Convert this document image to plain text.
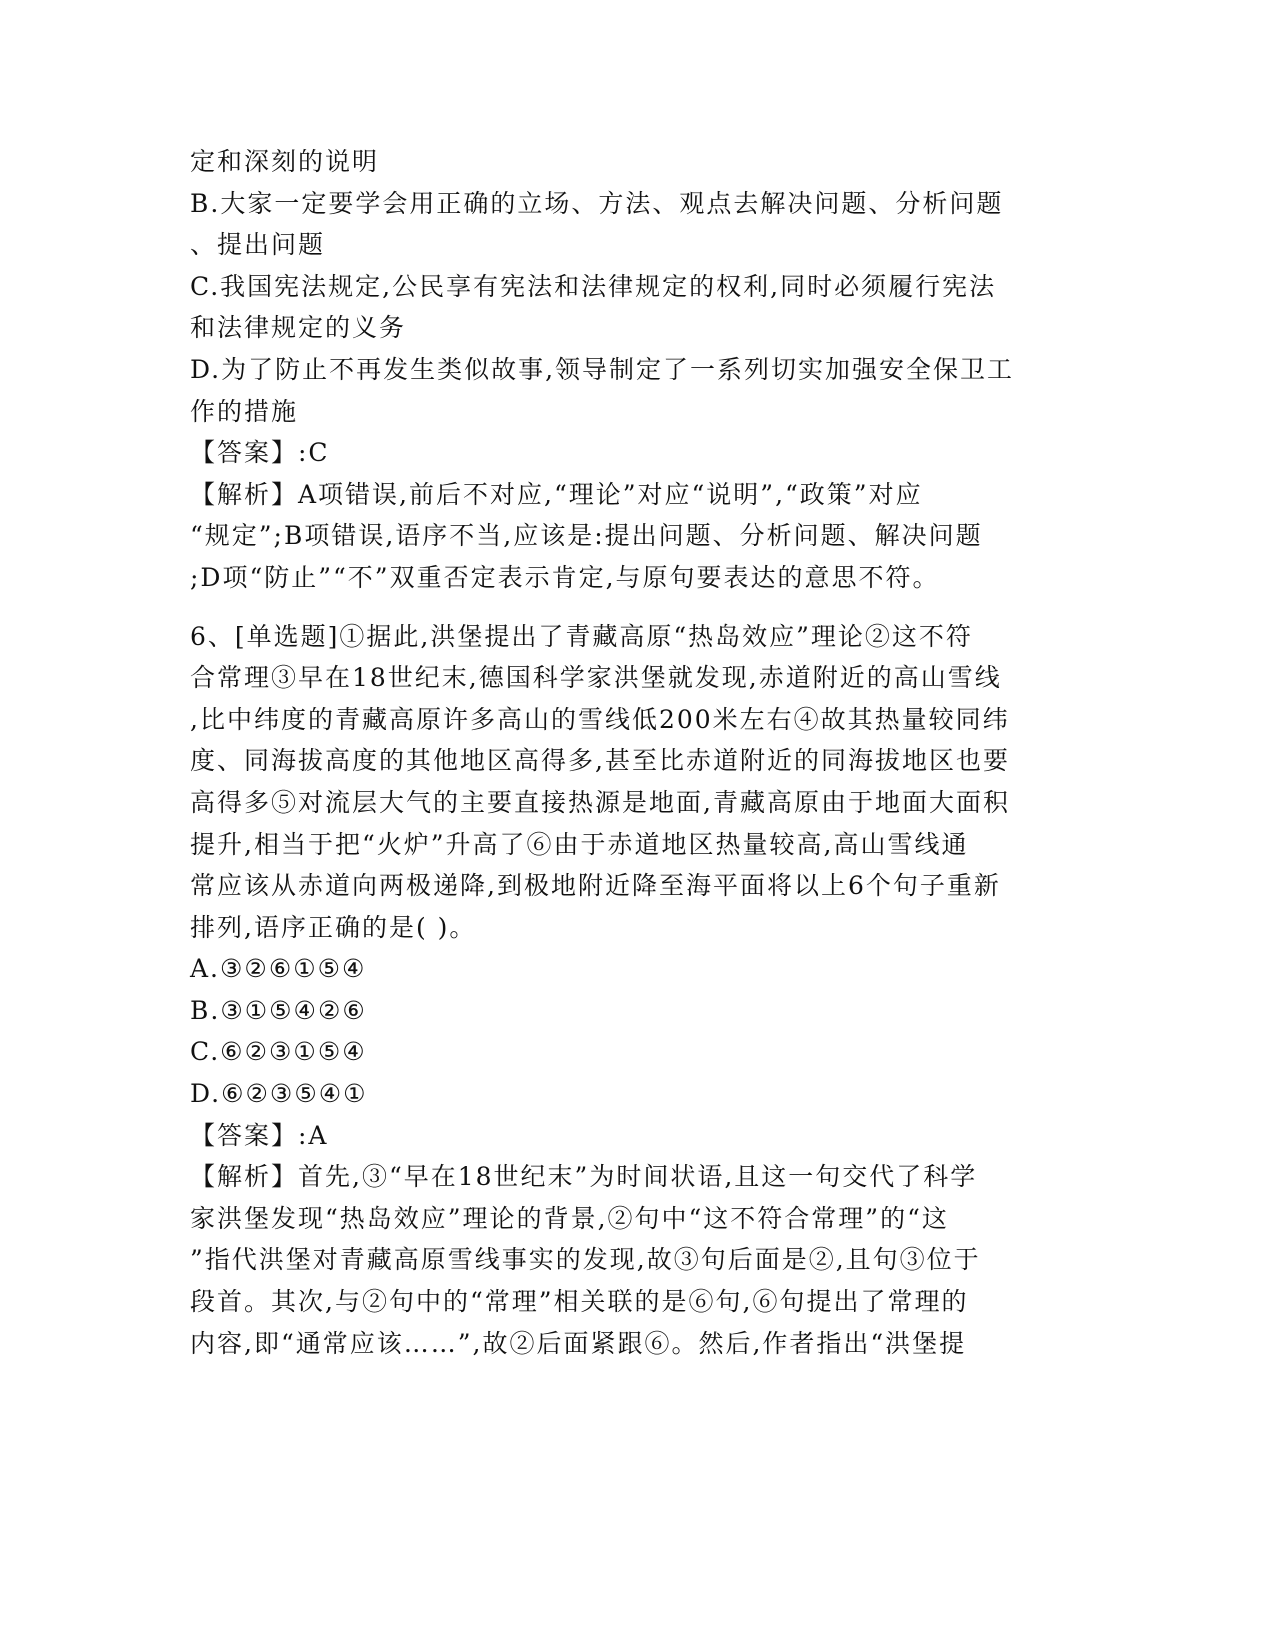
定和深刻的说明
B.大家一定要学会用正确的立场、方法、观点去解决问题、分析问题
、提出问题
C.我国宪法规定,公民享有宪法和法律规定的权利,同时必须履行宪法
和法律规定的义务
D.为了防止不再发生类似故事,领导制定了一系列切实加强安全保卫工
作的措施
【答案】:C
【解析】A项错误,前后不对应,“理论”对应“说明”,“政策”对应
“规定”;B项错误,语序不当,应该是:提出问题、分析问题、解决问题
;D项“防止”“不”双重否定表示肯定,与原句要表达的意思不符。
6、[单选题]①据此,洪堡提出了青藏高原“热岛效应”理论②这不符
合常理③早在18世纪末,德国科学家洪堡就发现,赤道附近的高山雪线
,比中纬度的青藏高原许多高山的雪线低200米左右④故其热量较同纬
度、同海拔高度的其他地区高得多,甚至比赤道附近的同海拔地区也要
高得多⑤对流层大气的主要直接热源是地面,青藏高原由于地面大面积
提升,相当于把“火炉”升高了⑥由于赤道地区热量较高,高山雪线通
常应该从赤道向两极递降,到极地附近降至海平面将以上6个句子重新
排列,语序正确的是( )。
A.③②⑥①⑤④
B.③①⑤④②⑥
C.⑥②③①⑤④
D.⑥②③⑤④①
【答案】:A
【解析】首先,③“早在18世纪末”为时间状语,且这一句交代了科学
家洪堡发现“热岛效应”理论的背景,②句中“这不符合常理”的“这
”指代洪堡对青藏高原雪线事实的发现,故③句后面是②,且句③位于
段首。其次,与②句中的“常理”相关联的是⑥句,⑥句提出了常理的
内容,即“通常应该……”,故②后面紧跟⑥。然后,作者指出“洪堡提
